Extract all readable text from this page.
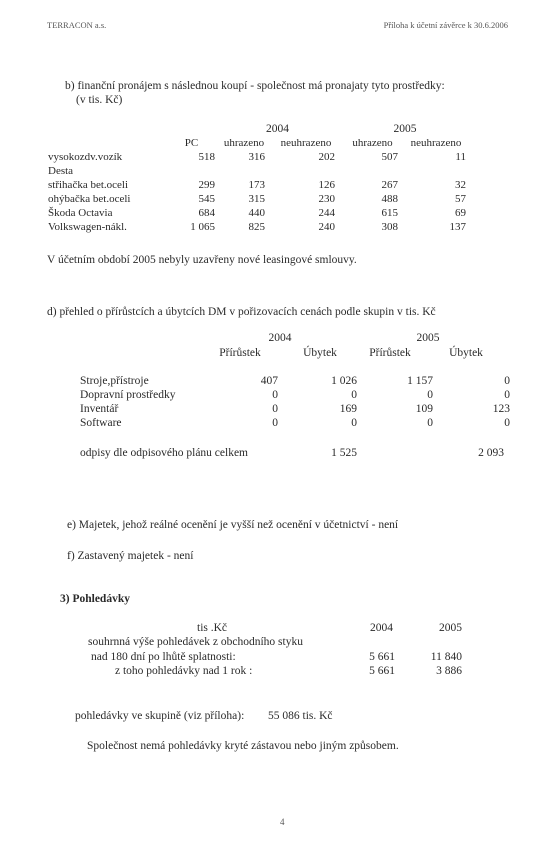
TERRACON a.s.	Příloha k účetní závěrce k 30.6.2006
b) finanční pronájem s následnou koupí - společnost má pronajaty tyto prostředky:
(v tis. Kč)
2004	2005
	PC	uhrazeno	neuhrazeno	uhrazeno	neuhrazeno
vysokozdv.vozík	518	316	202	507	11
Desta					
střihačka bet.oceli	299	173	126	267	32
ohýbačka bet.oceli	545	315	230	488	57
Škoda Octavia	684	440	244	615	69
Volkswagen-nákl.	1 065	825	240	308	137
V účetním období 2005 nebyly uzavřeny nové leasingové smlouvy.
d) přehled o přírůstcích a úbytcích DM v pořizovacích cenách podle skupin v tis. Kč
2004	2005
Přírůstek	Úbytek	Přírůstek	Úbytek
Stroje,přístroje	407	1 026	1 157	0
Dopravní prostředky	0	0	0	0
Inventář	0	169	109	123
Software	0	0	0	0
odpisy dle odpisového plánu celkem	1 525	2 093
e) Majetek, jehož reálné ocenění je vyšší než ocenění v účetnictví - není
f) Zastavený majetek - není
3) Pohledávky
tis .Kč	2004	2005
souhrnná výše pohledávek z obchodního styku
nad 180 dní po lhůtě splatnosti:	5 661	11 840
z toho pohledávky nad 1 rok :	5 661	3 886
pohledávky ve skupině (viz příloha): 55 086 tis. Kč
Společnost nemá pohledávky kryté zástavou nebo jiným způsobem.
4
